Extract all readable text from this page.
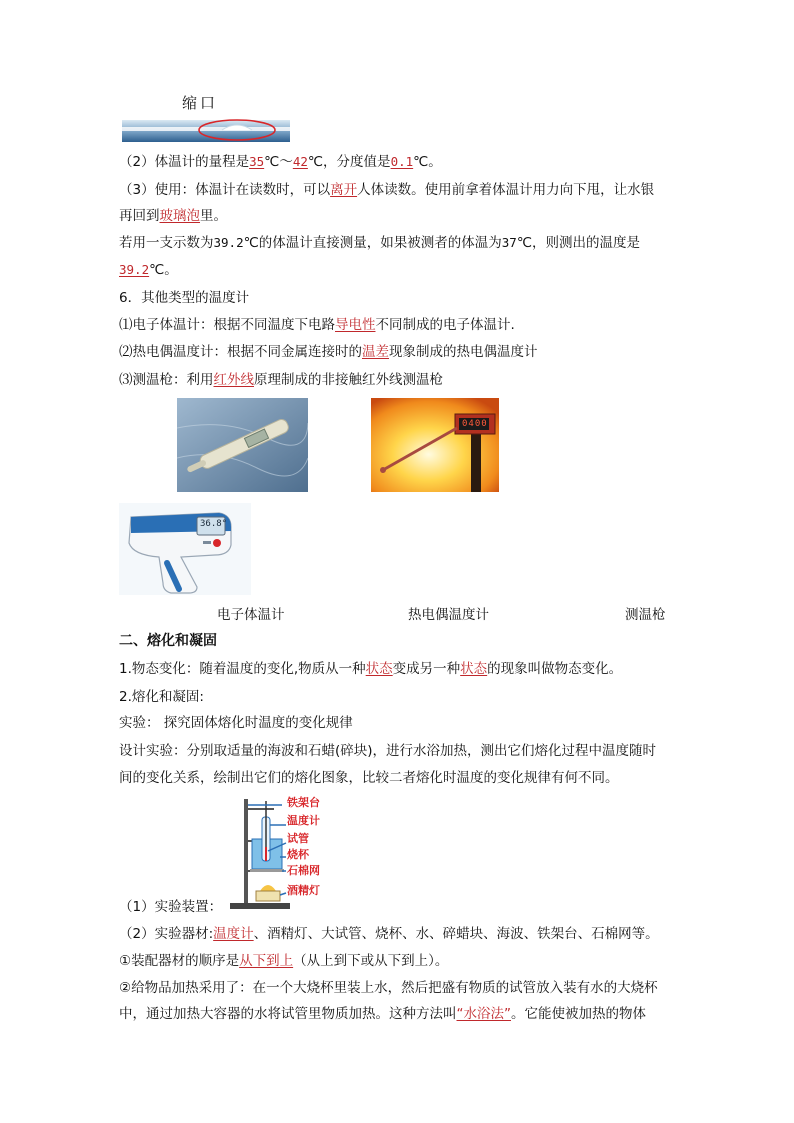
缩口
（2）体温计的量程是35℃～42℃，分度值是0.1℃。
（3）使用：体温计在读数时，可以离开人体读数。使用前拿着体温计用力向下甩，让水银
再回到玻璃泡里。
若用一支示数为39.2℃的体温计直接测量，如果被测者的体温为37℃，则测出的温度是
39.2℃。
6．其他类型的温度计
⑴电子体温计：根据不同温度下电路导电性不同制成的电子体温计.
⑵热电偶温度计：根据不同金属连接时的温差现象制成的热电偶温度计
⑶测温枪：利用红外线原理制成的非接触红外线测温枪
0400
36.8°
电子体温计	热电偶温度计	测温枪
二、熔化和凝固
1.物态变化：随着温度的变化,物质从一种状态变成另一种状态的现象叫做物态变化。
2.熔化和凝固:
实验： 探究固体熔化时温度的变化规律
设计实验：分别取适量的海波和石蜡(碎块)，进行水浴加热，测出它们熔化过程中温度随时
间的变化关系，绘制出它们的熔化图象，比较二者熔化时温度的变化规律有何不同。
铁架台
温度计
试管
烧杯
石棉网
酒精灯
（1）实验装置：
（2）实验器材:温度计、酒精灯、大试管、烧杯、水、碎蜡块、海波、铁架台、石棉网等。
①装配器材的顺序是从下到上（从上到下或从下到上）。
②给物品加热采用了：在一个大烧杯里装上水，然后把盛有物质的试管放入装有水的大烧杯
中，通过加热大容器的水将试管里物质加热。这种方法叫“水浴法”。它能使被加热的物体
